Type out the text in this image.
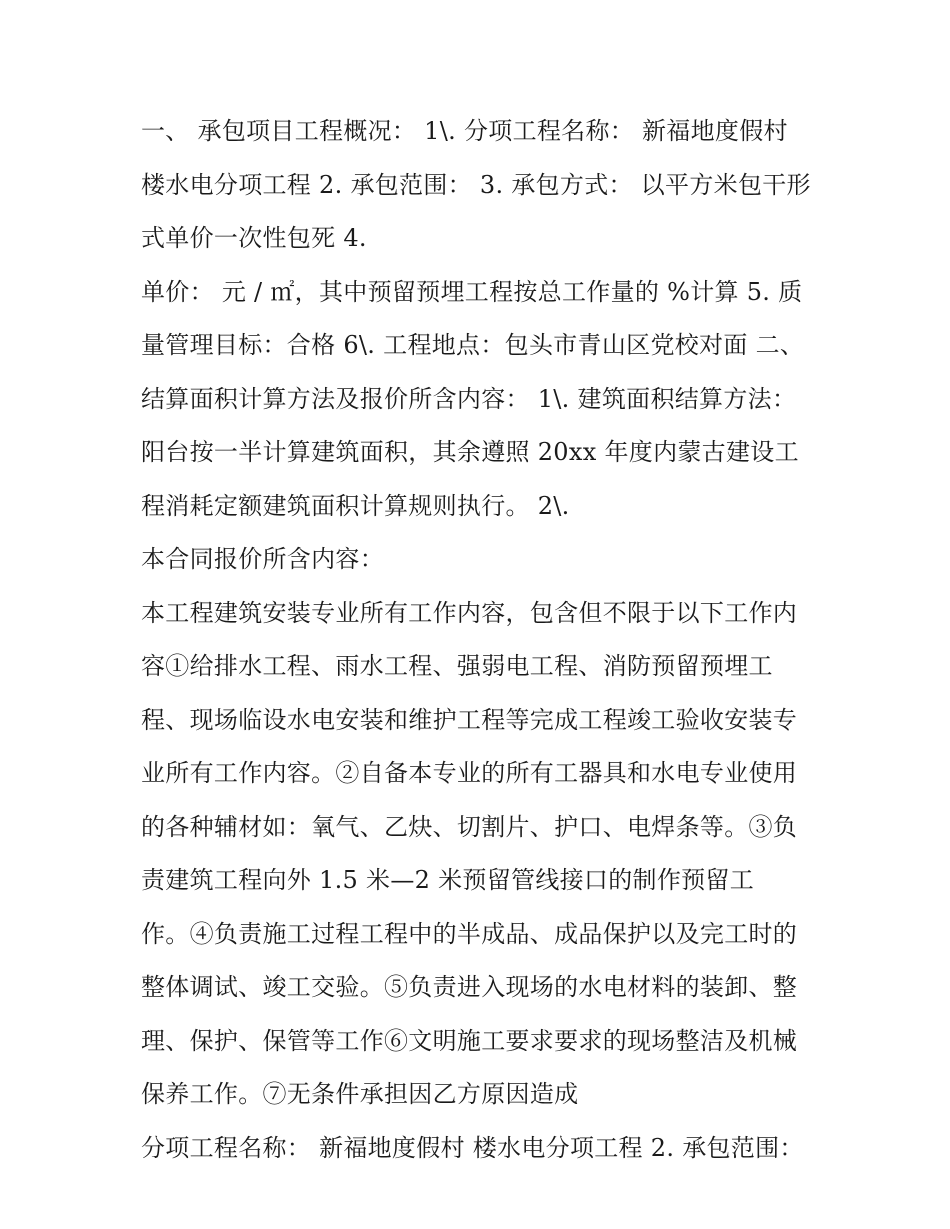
一、 承包项目工程概况： 1\. 分项工程名称： 新福地度假村
楼水电分项工程 2. 承包范围： 3. 承包方式： 以平方米包干形
式单价一次性包死 4.
单价： 元 / ㎡，其中预留预埋工程按总工作量的 %计算 5. 质
量管理目标：合格 6\. 工程地点：包头市青山区党校对面 二、
结算面积计算方法及报价所含内容： 1\. 建筑面积结算方法：
阳台按一半计算建筑面积，其余遵照 20xx 年度内蒙古建设工
程消耗定额建筑面积计算规则执行。 2\.
本合同报价所含内容：
本工程建筑安装专业所有工作内容，包含但不限于以下工作内
容①给排水工程、雨水工程、强弱电工程、消防预留预埋工
程、现场临设水电安装和维护工程等完成工程竣工验收安装专
业所有工作内容。②自备本专业的所有工器具和水电专业使用
的各种辅材如：氧气、乙炔、切割片、护口、电焊条等。③负
责建筑工程向外 1.5 米—2 米预留管线接口的制作预留工
作。④负责施工过程工程中的半成品、成品保护以及完工时的
整体调试、竣工交验。⑤负责进入现场的水电材料的装卸、整
理、保护、保管等工作⑥文明施工要求要求的现场整洁及机械
保养工作。⑦无条件承担因乙方原因造成
分项工程名称： 新福地度假村 楼水电分项工程 2. 承包范围：
